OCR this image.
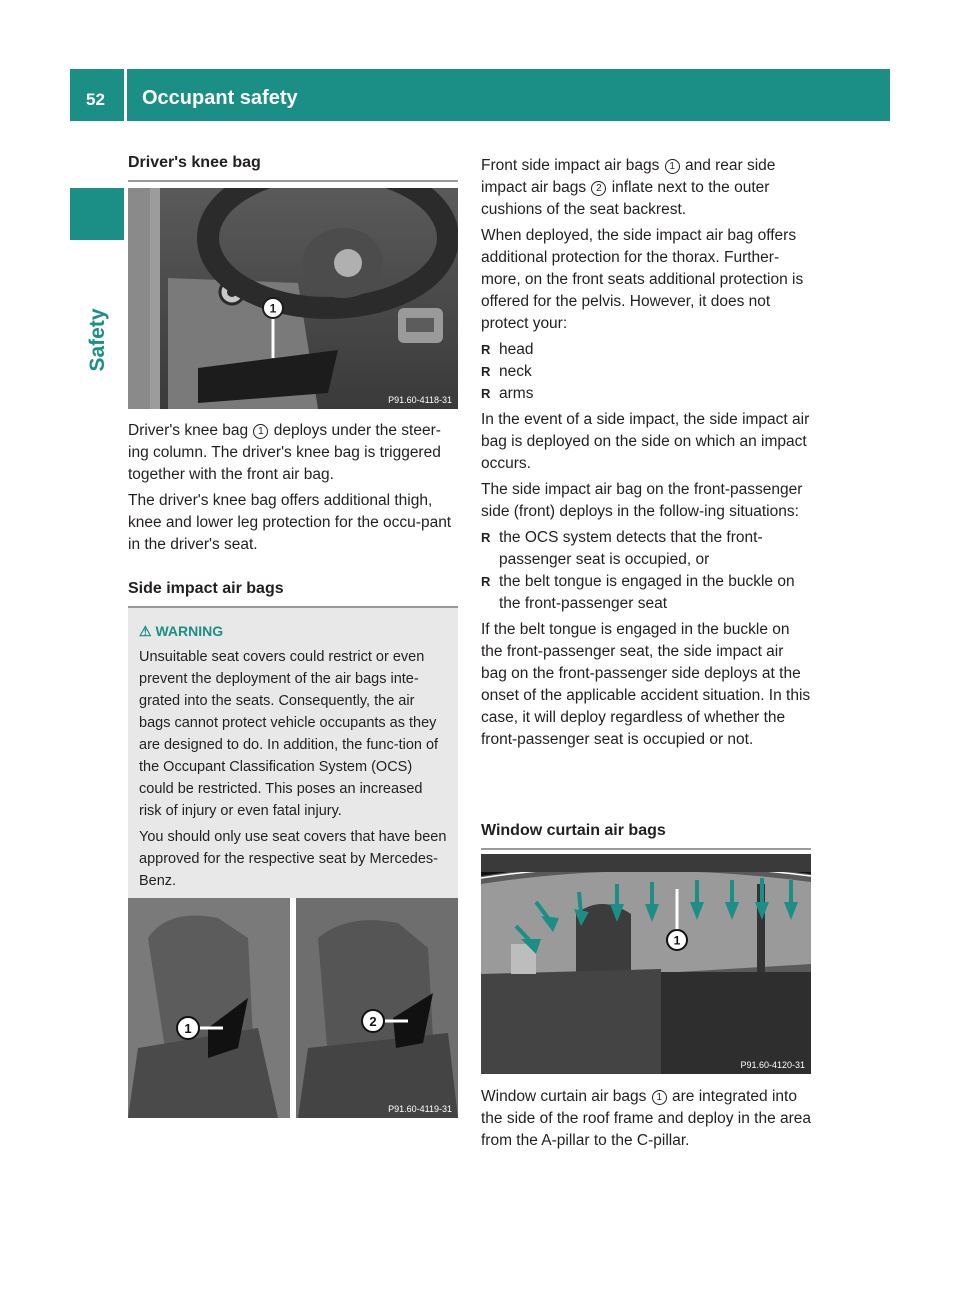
52 Occupant safety
Safety
Driver's knee bag
1
P91.60-4118-31

Driver's knee bag 1 deploys under the steer-ing column. The driver's knee bag is triggered together with the front air bag.

The driver's knee bag offers additional thigh, knee and lower leg protection for the occu-pant in the driver's seat.

Side impact air bags
⚠ WARNING

Unsuitable seat covers could restrict or even prevent the deployment of the air bags inte-grated into the seats. Consequently, the air bags cannot protect vehicle occupants as they are designed to do. In addition, the func-tion of the Occupant Classification System (OCS) could be restricted. This poses an increased risk of injury or even fatal injury.

You should only use seat covers that have been approved for the respective seat by Mercedes-Benz.

1	2
P91.60-4119-31

Front side impact air bags 1 and rear side impact air bags 2 inflate next to the outer cushions of the seat backrest.

When deployed, the side impact air bag offers additional protection for the thorax. Further-more, on the front seats additional protection is offered for the pelvis. However, it does not protect your:

R head
R neck
R arms

In the event of a side impact, the side impact air bag is deployed on the side on which an impact occurs.

The side impact air bag on the front-passenger side (front) deploys in the follow-ing situations:

R the OCS system detects that the front-passenger seat is occupied, or
R the belt tongue is engaged in the buckle on the front-passenger seat

If the belt tongue is engaged in the buckle on the front-passenger seat, the side impact air bag on the front-passenger side deploys at the onset of the applicable accident situation. In this case, it will deploy regardless of whether the front-passenger seat is occupied or not.

Window curtain air bags
1
P91.60-4120-31

Window curtain air bags 1 are integrated into the side of the roof frame and deploy in the area from the A-pillar to the C-pillar.
